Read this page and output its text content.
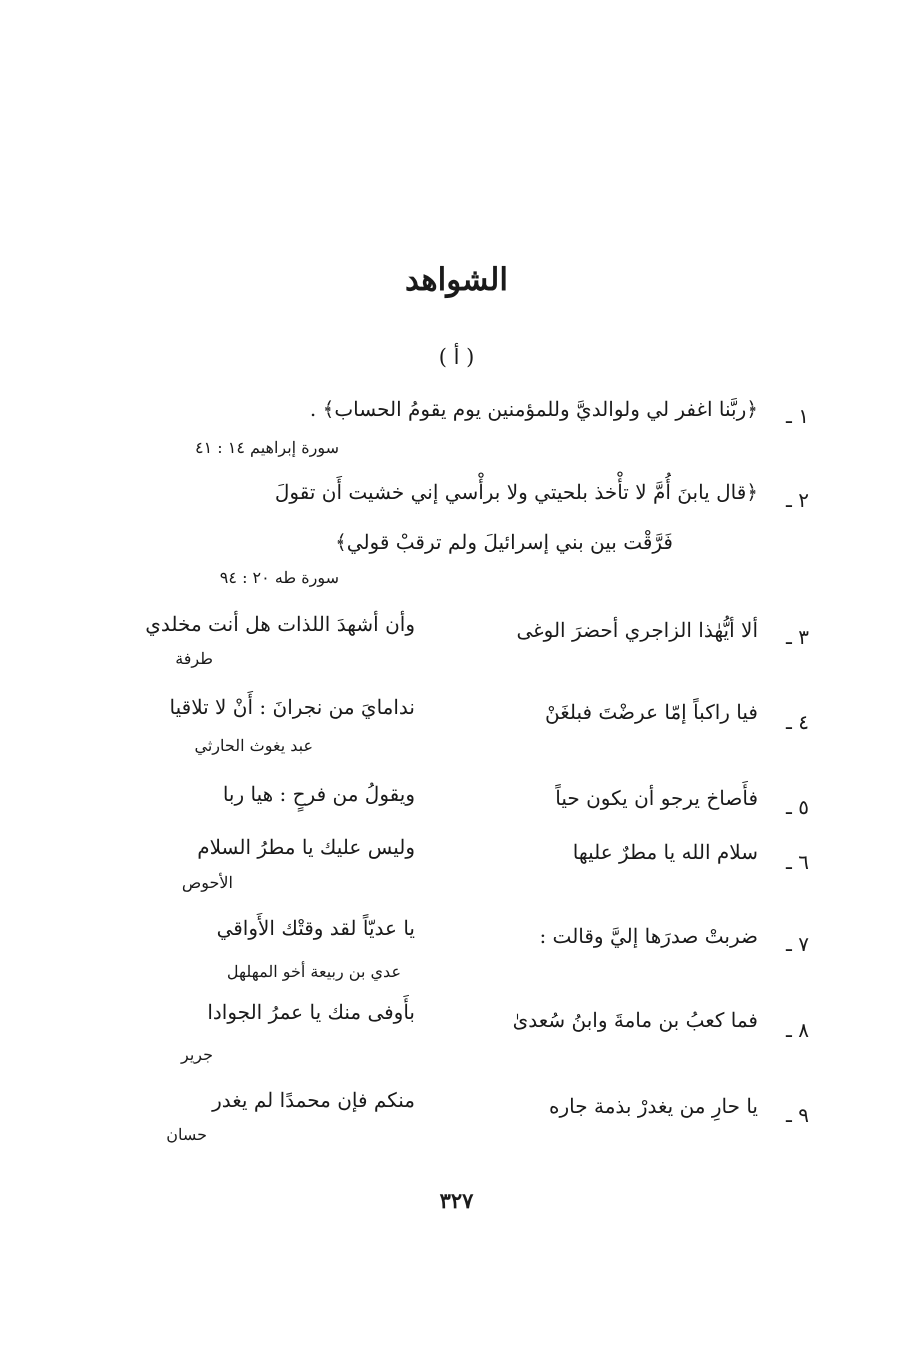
الشواهد
( أ )
١ ـ
﴿ربَّنا اغفر لي ولوالديَّ وللمؤمنين يوم يقومُ الحساب﴾ .
سورة إبراهيم ١٤ : ٤١
٢ ـ
﴿قال يابنَ أُمَّ لا تأْخذ بلحيتي ولا برأْسي إني خشيت أَن تقولَ
فَرَّقْت بين بني إسرائيلَ ولم ترقبْ قولي﴾
سورة طه ٢٠ : ٩٤
٣ ـ
ألا أيُّهٰذا الزاجري أحضرَ الوغى
وأن أشهدَ اللذات هل أنت مخلدي
طرفة
٤ ـ
فيا راكباً إمّا عرضْتَ فبلغَنْ
ندامايَ من نجرانَ : أَنْ لا تلاقيا
عبد يغوث الحارثي
٥ ـ
فأَصاخ يرجو أن يكون حياً
ويقولُ من فرحٍ : هيا ربا
٦ ـ
سلام الله يا مطرٌ عليها
وليس عليك يا مطرُ السلام
الأحوص
٧ ـ
ضربتْ صدرَها إليَّ وقالت :
يا عديّاً لقد وقتْك الأَواقي
عدي بن ربيعة أخو المهلهل
٨ ـ
فما كعبُ بن مامةَ وابنُ سُعدىٰ
بأَوفى منك يا عمرُ الجوادا
جرير
٩ ـ
يا حارِ من يغدرْ بذمة جاره
منكم فإن محمدًا لم يغدر
حسان
٣٢٧
